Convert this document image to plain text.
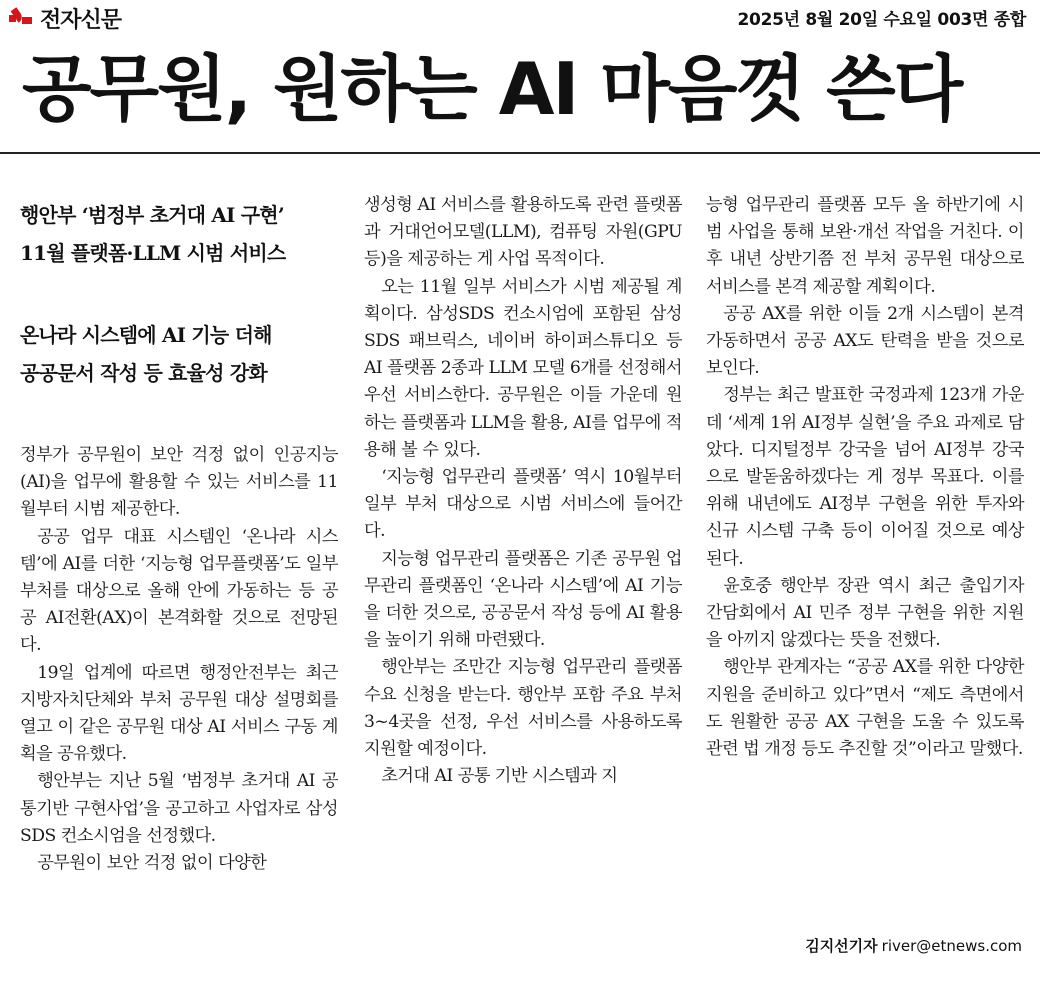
전자신문	2025년 8월 20일 수요일 003면 종합
공무원, 원하는 AI 마음껏 쓴다

행안부 ‘범정부 초거대 AI 구현’

11월 플랫폼·LLM 시범 서비스

온나라 시스템에 AI 기능 더해

공공문서 작성 등 효율성 강화

정부가 공무원이 보안 걱정 없이 인공지능(AI)을 업무에 활용할 수 있는 서비스를 11월부터 시범 제공한다.

공공 업무 대표 시스템인 ‘온나라 시스템’에 AI를 더한 ‘지능형 업무플랫폼’도 일부 부처를 대상으로 올해 안에 가동하는 등 공공 AI전환(AX)이 본격화할 것으로 전망된다.

19일 업계에 따르면 행정안전부는 최근 지방자치단체와 부처 공무원 대상 설명회를 열고 이 같은 공무원 대상 AI 서비스 구동 계획을 공유했다.

행안부는 지난 5월 ‘범정부 초거대 AI 공통기반 구현사업’을 공고하고 사업자로 삼성SDS 컨소시엄을 선정했다.

공무원이 보안 걱정 없이 다양한

생성형 AI 서비스를 활용하도록 관련 플랫폼과 거대언어모델(LLM), 컴퓨팅 자원(GPU 등)을 제공하는 게 사업 목적이다.

오는 11월 일부 서비스가 시범 제공될 계획이다. 삼성SDS 컨소시엄에 포함된 삼성SDS 패브릭스, 네이버 하이퍼스튜디오 등 AI 플랫폼 2종과 LLM 모델 6개를 선정해서 우선 서비스한다. 공무원은 이들 가운데 원하는 플랫폼과 LLM을 활용, AI를 업무에 적용해 볼 수 있다.

‘지능형 업무관리 플랫폼’ 역시 10월부터 일부 부처 대상으로 시범 서비스에 들어간다.

지능형 업무관리 플랫폼은 기존 공무원 업무관리 플랫폼인 ‘온나라 시스템’에 AI 기능을 더한 것으로, 공공문서 작성 등에 AI 활용을 높이기 위해 마련됐다.

행안부는 조만간 지능형 업무관리 플랫폼 수요 신청을 받는다. 행안부 포함 주요 부처 3~4곳을 선정, 우선 서비스를 사용하도록 지원할 예정이다.

초거대 AI 공통 기반 시스템과 지

능형 업무관리 플랫폼 모두 올 하반기에 시범 사업을 통해 보완·개선 작업을 거친다. 이후 내년 상반기쯤 전 부처 공무원 대상으로 서비스를 본격 제공할 계획이다.

공공 AX를 위한 이들 2개 시스템이 본격 가동하면서 공공 AX도 탄력을 받을 것으로 보인다.

정부는 최근 발표한 국정과제 123개 가운데 ‘세계 1위 AI정부 실현’을 주요 과제로 담았다. 디지털정부 강국을 넘어 AI정부 강국으로 발돋움하겠다는 게 정부 목표다. 이를 위해 내년에도 AI정부 구현을 위한 투자와 신규 시스템 구축 등이 이어질 것으로 예상된다.

윤호중 행안부 장관 역시 최근 출입기자 간담회에서 AI 민주 정부 구현을 위한 지원을 아끼지 않겠다는 뜻을 전했다.

행안부 관계자는 “공공 AX를 위한 다양한 지원을 준비하고 있다”면서 “제도 측면에서도 원활한 공공 AX 구현을 도울 수 있도록 관련 법 개정 등도 추진할 것”이라고 말했다.

김지선기자 river@etnews.com
